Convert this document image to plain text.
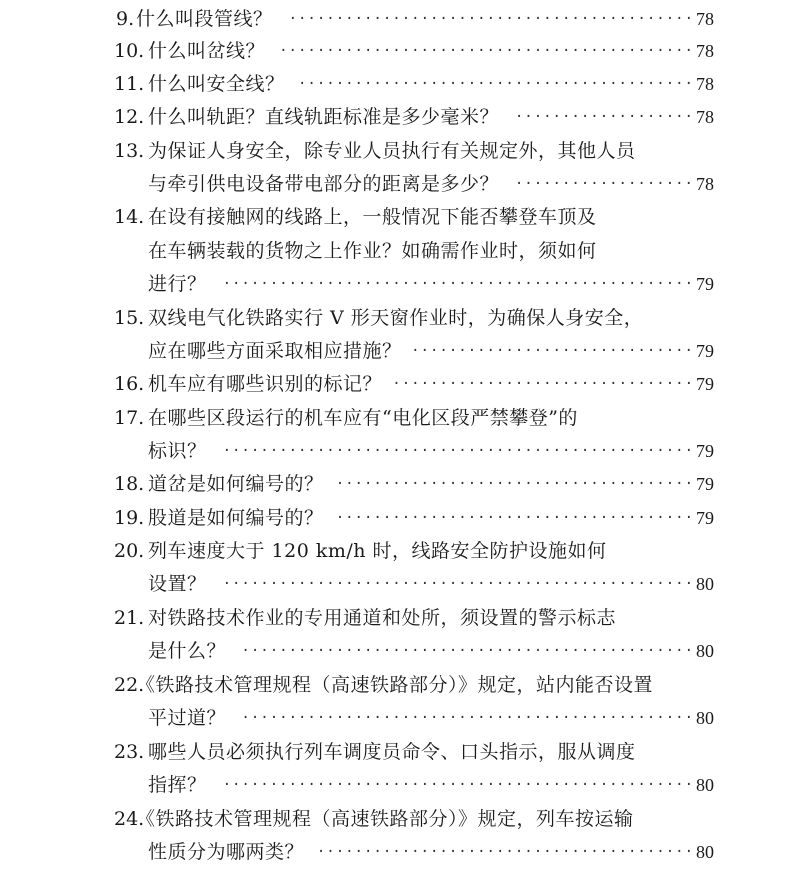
9. 什么叫段管线？	··········································· 78
10. 什么叫岔线？	············································ 78
11. 什么叫安全线？ ·········································· 78
12. 什么叫轨距？直线轨距标准是多少毫米？	··················· 78
13. 为保证人身安全，除专业人员执行有关规定外，其他人员
与牵引供电设备带电部分的距离是多少？	··················· 78
14. 在设有接触网的线路上，一般情况下能否攀登车顶及
在车辆装载的货物之上作业？如确需作业时，须如何
进行？	·················································· 79
15. 双线电气化铁路实行 V 形天窗作业时，为确保人身安全，
应在哪些方面采取相应措施？ ······························ 79
16. 机车应有哪些识别的标记？ ································ 79
17. 在哪些区段运行的机车应有“电化区段严禁攀登”的
标识？	·················································· 79
18. 道岔是如何编号的？ ······································ 79
19. 股道是如何编号的？ ······································ 79
20. 列车速度大于 120 km/h 时，线路安全防护设施如何
设置？	·················································· 80
21. 对铁路技术作业的专用通道和处所，须设置的警示标志
是什么？	················································ 80
22.
《铁路技术管理规程（高速铁路部分）》规定，站内能否设置
平过道？	················································ 80
23. 哪些人员必须执行列车调度员命令、口头指示，服从调度
指挥？	·················································· 80
24.
《铁路技术管理规程（高速铁路部分）》规定，列车按运输
性质分为哪两类？ ········································ 80
